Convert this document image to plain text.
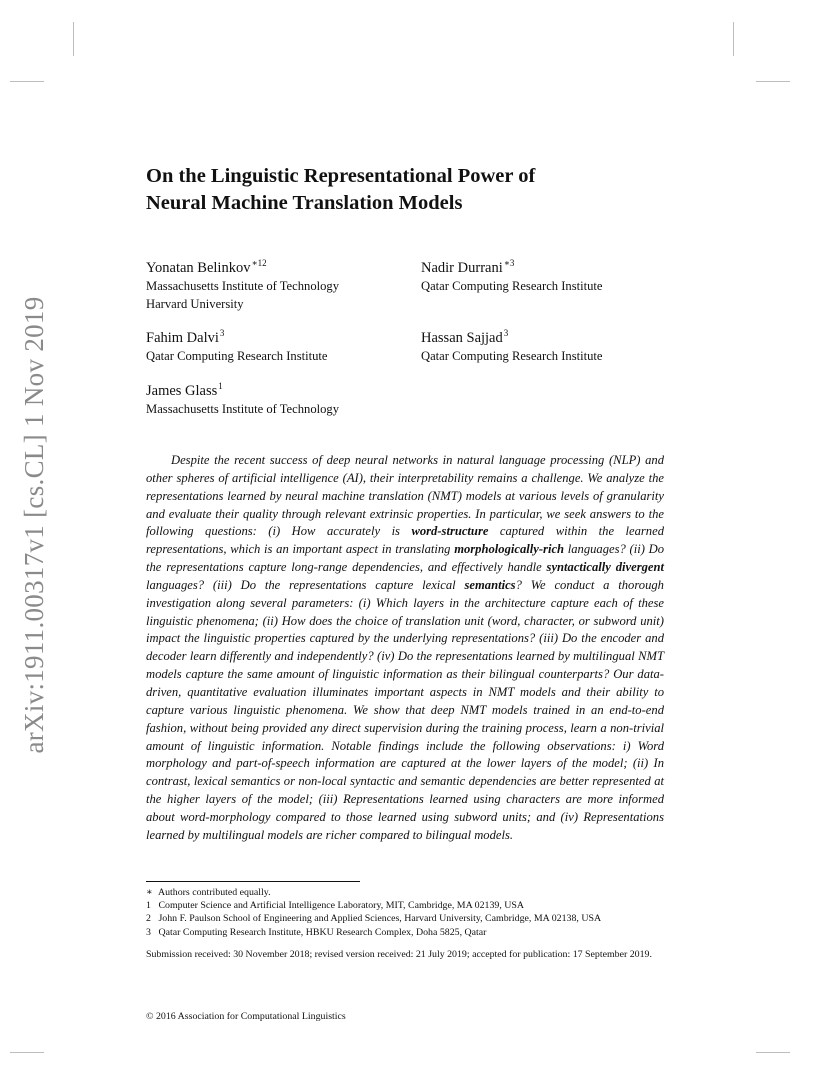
arXiv:1911.00317v1 [cs.CL] 1 Nov 2019
On the Linguistic Representational Power of
Neural Machine Translation Models
Yonatan Belinkov$^{∗12}$
Massachusetts Institute of Technology
Harvard University
Nadir Durrani$^{∗3}$
Qatar Computing Research Institute
Fahim Dalvi$^3$
Qatar Computing Research Institute
Hassan Sajjad$^3$
Qatar Computing Research Institute
James Glass$^1$
Massachusetts Institute of Technology

Despite the recent success of deep neural networks in natural language processing (NLP) and other spheres of artificial intelligence (AI), their interpretability remains a challenge. We analyze the representations learned by neural machine translation (NMT) models at various levels of granularity and evaluate their quality through relevant extrinsic properties. In particular, we seek answers to the following questions: (i) How accurately is word-structure captured within the learned representations, which is an important aspect in translating morphologically-rich languages? (ii) Do the representations capture long-range dependencies, and effectively handle syntactically divergent languages? (iii) Do the representations capture lexical semantics? We conduct a thorough investigation along several parameters: (i) Which layers in the architecture capture each of these linguistic phenomena; (ii) How does the choice of translation unit (word, character, or subword unit) impact the linguistic properties captured by the underlying representations? (iii) Do the encoder and decoder learn differently and independently? (iv) Do the representations learned by multilingual NMT models capture the same amount of linguistic information as their bilingual counterparts? Our data-driven, quantitative evaluation illuminates important aspects in NMT models and their ability to capture various linguistic phenomena. We show that deep NMT models trained in an end-to-end fashion, without being provided any direct supervision during the training process, learn a non-trivial amount of linguistic information. Notable findings include the following observations: i) Word morphology and part-of-speech information are captured at the lower layers of the model; (ii) In contrast, lexical semantics or non-local syntactic and semantic dependencies are better represented at the higher layers of the model; (iii) Representations learned using characters are more informed about word-morphology compared to those learned using subword units; and (iv) Representations learned by multilingual models are richer compared to bilingual models.

∗ Authors contributed equally.
1 Computer Science and Artificial Intelligence Laboratory, MIT, Cambridge, MA 02139, USA
2 John F. Paulson School of Engineering and Applied Sciences, Harvard University, Cambridge, MA 02138, USA
3 Qatar Computing Research Institute, HBKU Research Complex, Doha 5825, Qatar

Submission received: 30 November 2018; revised version received: 21 July 2019; accepted for publication: 17 September 2019.

© 2016 Association for Computational Linguistics
